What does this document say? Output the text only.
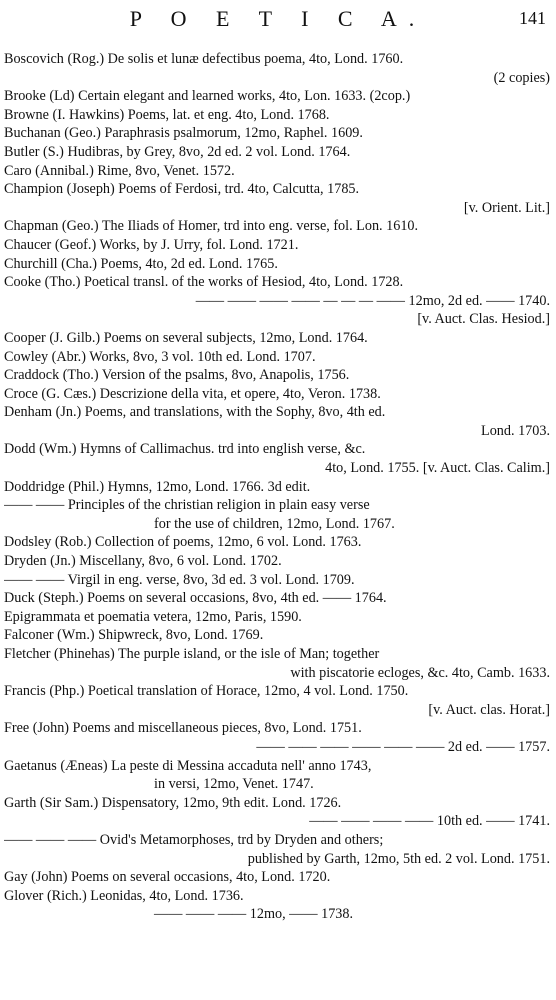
P O E T I C A.	141
Boscovich (Rog.) De solis et lunæ defectibus poema, 4to, Lond. 1760.
(2 copies)
Brooke (Ld) Certain elegant and learned works, 4to, Lon. 1633. (2cop.)
Browne (I. Hawkins) Poems, lat. et eng. 4to, Lond. 1768.
Buchanan (Geo.) Paraphrasis psalmorum, 12mo, Raphel. 1609.
Butler (S.) Hudibras, by Grey, 8vo, 2d ed. 2 vol. Lond. 1764.
Caro (Annibal.) Rime, 8vo, Venet. 1572.
Champion (Joseph) Poems of Ferdosi, trd. 4to, Calcutta, 1785.
[v. Orient. Lit.]
Chapman (Geo.) The Iliads of Homer, trd into eng. verse, fol. Lon. 1610.
Chaucer (Geof.) Works, by J. Urry, fol. Lond. 1721.
Churchill (Cha.) Poems, 4to, 2d ed. Lond. 1765.
Cooke (Tho.) Poetical transl. of the works of Hesiod, 4to, Lond. 1728.
—— —— —— —— — — — —— 12mo, 2d ed. —— 1740.
[v. Auct. Clas. Hesiod.]
Cooper (J. Gilb.) Poems on several subjects, 12mo, Lond. 1764.
Cowley (Abr.) Works, 8vo, 3 vol. 10th ed. Lond. 1707.
Craddock (Tho.) Version of the psalms, 8vo, Anapolis, 1756.
Croce (G. Cæs.) Descrizione della vita, et opere, 4to, Veron. 1738.
Denham (Jn.) Poems, and translations, with the Sophy, 8vo, 4th ed.
Lond. 1703.
Dodd (Wm.) Hymns of Callimachus. trd into english verse, &c.
4to, Lond. 1755. [v. Auct. Clas. Calim.]
Doddridge (Phil.) Hymns, 12mo, Lond. 1766. 3d edit.
—— —— Principles of the christian religion in plain easy verse
for the use of children, 12mo, Lond. 1767.
Dodsley (Rob.) Collection of poems, 12mo, 6 vol. Lond. 1763.
Dryden (Jn.) Miscellany, 8vo, 6 vol. Lond. 1702.
—— —— Virgil in eng. verse, 8vo, 3d ed. 3 vol. Lond. 1709.
Duck (Steph.) Poems on several occasions, 8vo, 4th ed. —— 1764.
Epigrammata et poematia vetera, 12mo, Paris, 1590.
Falconer (Wm.) Shipwreck, 8vo, Lond. 1769.
Fletcher (Phinehas) The purple island, or the isle of Man; together
with piscatorie ecloges, &c. 4to, Camb. 1633.
Francis (Php.) Poetical translation of Horace, 12mo, 4 vol. Lond. 1750.
[v. Auct. clas. Horat.]
Free (John) Poems and miscellaneous pieces, 8vo, Lond. 1751.
—— —— —— —— —— —— 2d ed. —— 1757.
Gaetanus (Æneas) La peste di Messina accaduta nell' anno 1743,
in versi, 12mo, Venet. 1747.
Garth (Sir Sam.) Dispensatory, 12mo, 9th edit. Lond. 1726.
—— —— —— —— 10th ed. —— 1741.
—— —— —— Ovid's Metamorphoses, trd by Dryden and others;
published by Garth, 12mo, 5th ed. 2 vol. Lond. 1751.
Gay (John) Poems on several occasions, 4to, Lond. 1720.
Glover (Rich.) Leonidas, 4to, Lond. 1736.
—— —— —— 12mo, —— 1738.
